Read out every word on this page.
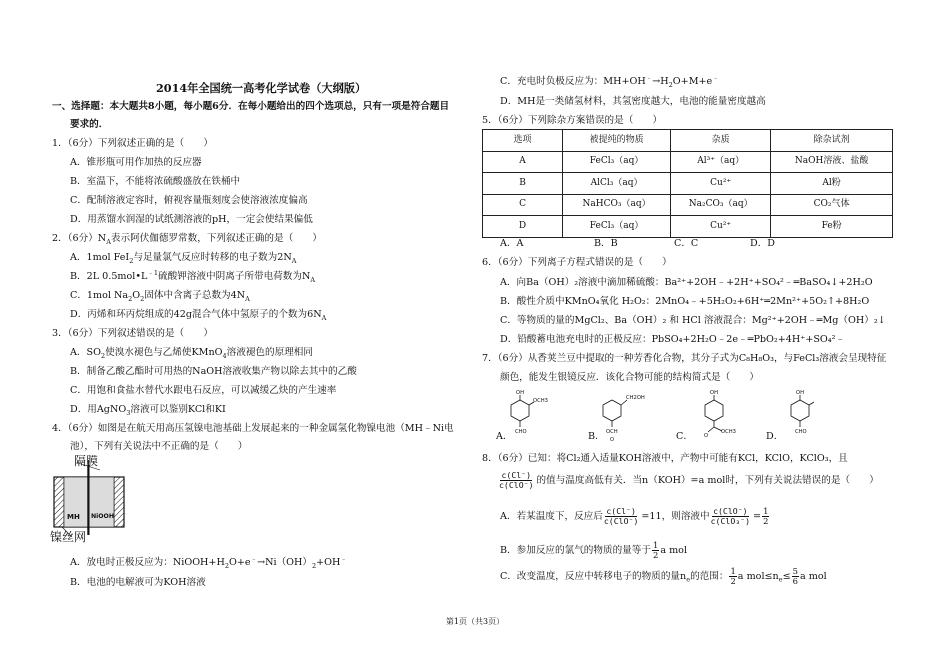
2014年全国统一高考化学试卷（大纲版）
一、选择题：本大题共8小题，每小题6分．在每小题给出的四个选项总，只有一项是符合题目
要求的．
1．（6分）下列叙述正确的是（　　）
A．锥形瓶可用作加热的反应器
B．室温下，不能将浓硫酸盛放在铁桶中
C．配制溶液定容时，俯视容量瓶刻度会使溶液浓度偏高
D．用蒸馏水润湿的试纸测溶液的pH，一定会使结果偏低
2．（6分）$N_A$表示阿伏伽德罗常数，下列叙述正确的是（　　）
A．1mol FeI$_2$与足量氯气反应时转移的电子数为$2N_A$
B．2L $0.5mol•L^{﹣1}$硫酸钾溶液中阴离子所带电荷数为$N_A$
C．1mol $Na_2O_2$固体中含离子总数为$4N_A$
D．丙烯和环丙烷组成的42g混合气体中氢原子的个数为$6N_A$
3．（6分）下列叙述错误的是（　　）
A．$SO_2$使溴水褪色与乙烯使KMnO$_4$溶液褪色的原理相同
B．制备乙酸乙酯时可用热的NaOH溶液收集产物以除去其中的乙酸
C．用饱和食盐水替代水跟电石反应，可以减缓乙炔的产生速率
D．用AgNO$_3$溶液可以鉴别KCl和KI
4．（6分）如图是在航天用高压氢镍电池基础上发展起来的一种金属氢化物镍电池（MH﹣Ni电
池），下列有关说法中不正确的是（　　）
隔膜
MH NiOOH
镍丝网
A．放电时正极反应为：$NiOOH+H_2O+e^﹣\to Ni(OH)_2+OH^﹣$
B．电池的电解液可为KOH溶液
C．充电时负极反应为：$MH+OH^﹣\to H_2O+M+e^﹣$
D．MH是一类储氢材料，其氢密度越大，电池的能量密度越高
5．（6分）下列除杂方案错误的是（　　）
选项	被提纯的物质	杂质	除杂试剂
A	FeCl₃（aq）	Al³⁺（aq）	NaOH溶液、盐酸
B	AlCl₃（aq）	Cu²⁺	Al粉
C	NaHCO₃（aq）	Na₂CO₃（aq）	CO₂气体
D	FeCl₃（aq）	Cu²⁺	Fe粉
A．A	B．B	C．C	D．D
6．（6分）下列离子方程式错误的是（　　）
A．向Ba（OH）₂溶液中滴加稀硫酸：Ba²⁺+2OH﹣+2H⁺+SO₄²﹣═BaSO₄↓+2H₂O
B．酸性介质中KMnO₄氧化 H₂O₂：2MnO₄﹣+5H₂O₂+6H⁺═2Mn²⁺+5O₂↑+8H₂O
C．等物质的量的MgCl₂、Ba（OH）₂ 和 HCl 溶液混合：Mg²⁺+2OH﹣═Mg（OH）₂↓
D．铅酸蓄电池充电时的正极反应：PbSO₄+2H₂O﹣2e﹣═PbO₂+4H⁺+SO₄²﹣
7．（6分）从香荚兰豆中提取的一种芳香化合物，其分子式为C₈H₈O₃，与FeCl₃溶液会呈现特征
颜色，能发生银镜反应．该化合物可能的结构简式是（　　）
OH
OCH3
CHO
CH2OH
OCH
O
OH
OCH3
O
OH
CHO
A．	B．	C．	D．
8．（6分）已知：将Cl₂通入适量KOH溶液中，产物中可能有KCl，KClO，KClO₃，且
c(Cl⁻)
c(ClO⁻) 的值与温度高低有关．当n（KOH）=a mol时，下列有关说法错误的是（　　）
A．若某温度下，反应后
c(Cl⁻)
c(ClO⁻) =11，则溶液中
c(ClO⁻)
$c(ClO_3^-) = \frac{1}{2}$
B．参加反应的氯气的物质的量等于 $\frac{1}{2}$ a mol
C．改变温度，反应中转移电子的物质的量$n_e$的范围： $\frac{1}{2}$ a $mol\le n_e\le \frac{5}{6}$ a mol
第1页（共3页）
